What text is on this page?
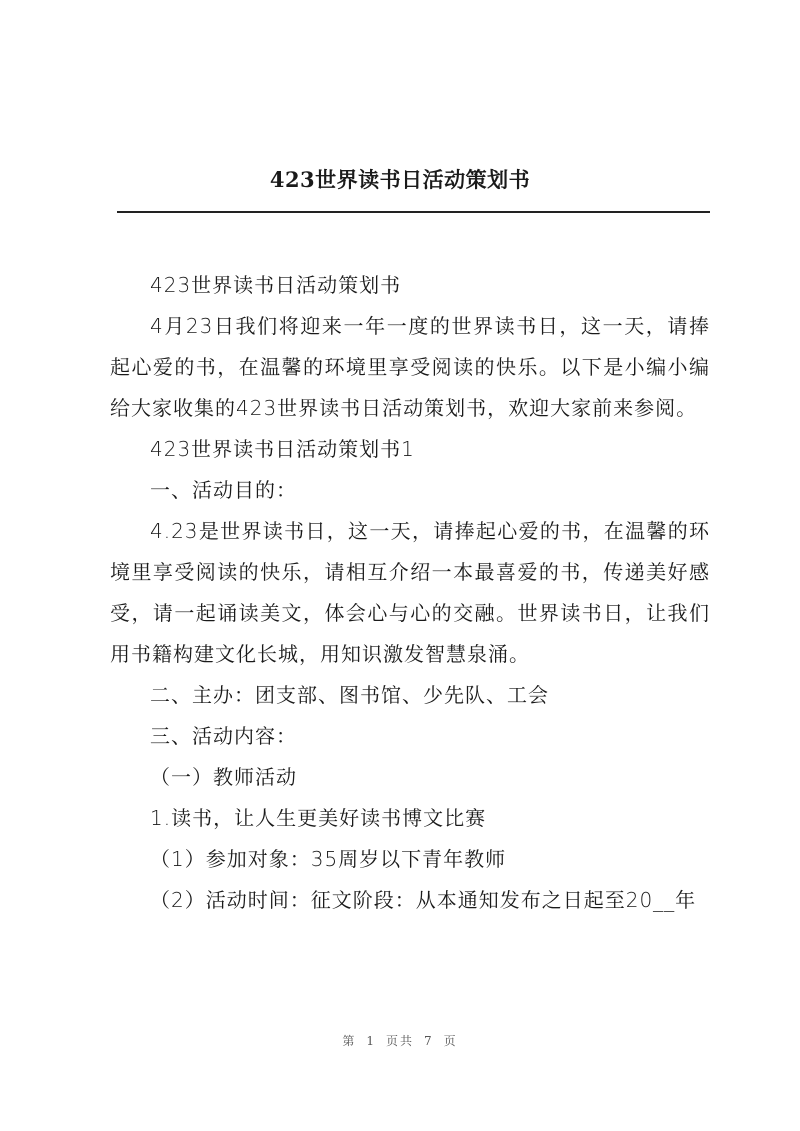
423世界读书日活动策划书

423世界读书日活动策划书

4月23日我们将迎来一年一度的世界读书日，这一天，请捧起心爱的书，在温馨的环境里享受阅读的快乐。以下是小编小编给大家收集的423世界读书日活动策划书，欢迎大家前来参阅。

423世界读书日活动策划书1

一、活动目的：

4.23是世界读书日，这一天，请捧起心爱的书，在温馨的环境里享受阅读的快乐，请相互介绍一本最喜爱的书，传递美好感受，请一起诵读美文，体会心与心的交融。世界读书日，让我们用书籍构建文化长城，用知识激发智慧泉涌。

二、主办：团支部、图书馆、少先队、工会

三、活动内容：

（一）教师活动

1.读书，让人生更美好读书博文比赛

（1）参加对象：35周岁以下青年教师

（2）活动时间：征文阶段：从本通知发布之日起至20__年

第 1 页共 7 页
